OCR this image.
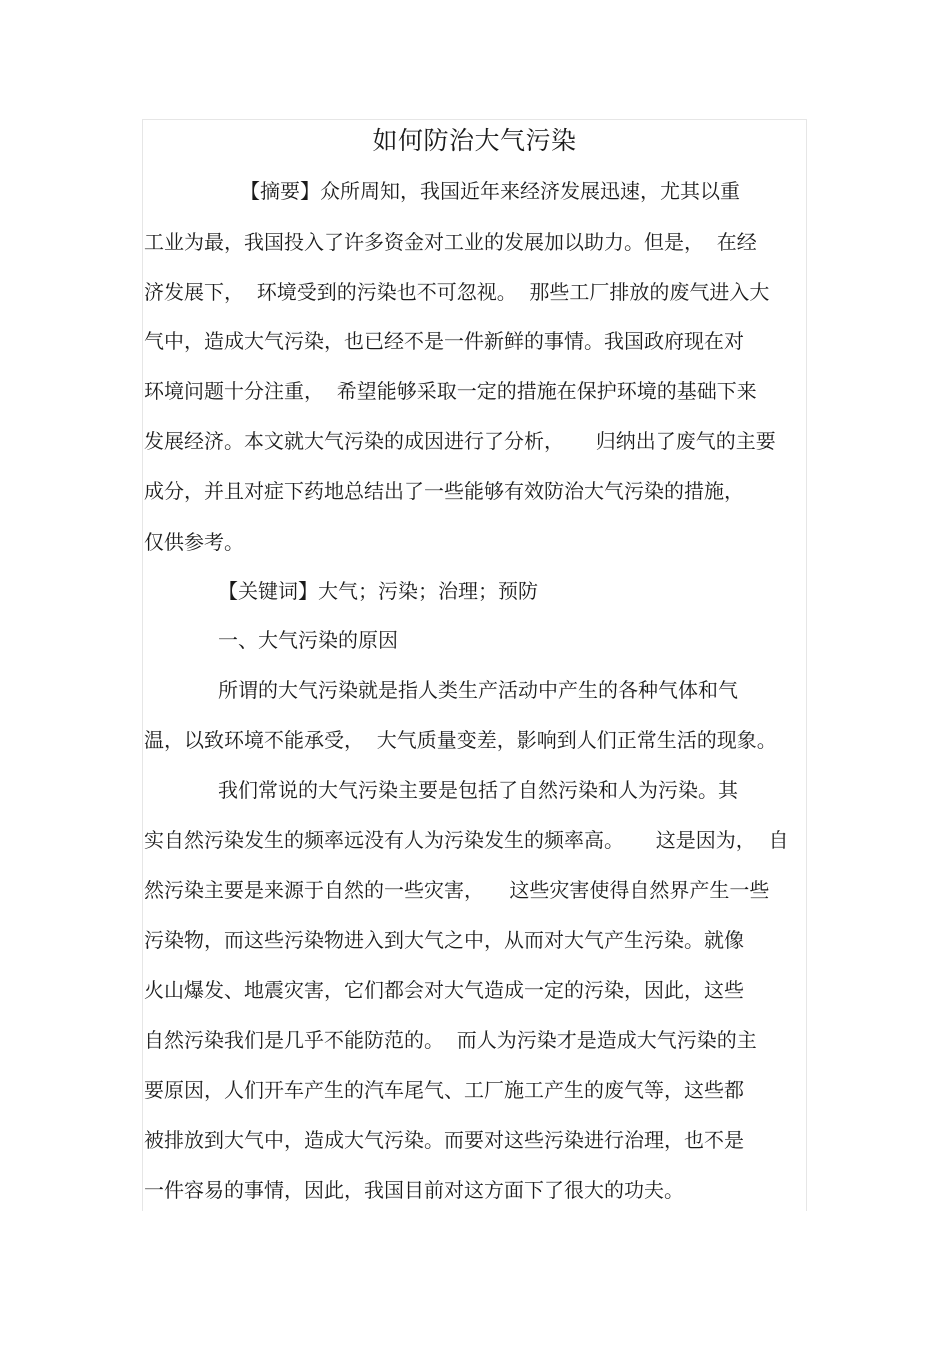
如何防治大气污染

【摘要】众所周知，我国近年来经济发展迅速，尤其以重

工业为最，我国投入了许多资金对工业的发展加以助力。但是，  在经

济发展下，  环境受到的污染也不可忽视。  那些工厂排放的废气进入大

气中，造成大气污染，也已经不是一件新鲜的事情。我国政府现在对

环境问题十分注重，  希望能够采取一定的措施在保护环境的基础下来

发展经济。本文就大气污染的成因进行了分析，     归纳出了废气的主要

成分，并且对症下药地总结出了一些能够有效防治大气污染的措施，

仅供参考。

【关键词】大气；污染；治理；预防

一、大气污染的原因

所谓的大气污染就是指人类生产活动中产生的各种气体和气

温，以致环境不能承受，  大气质量变差，影响到人们正常生活的现象。

我们常说的大气污染主要是包括了自然污染和人为污染。其

实自然污染发生的频率远没有人为污染发生的频率高。     这是因为，  自

然污染主要是来源于自然的一些灾害，    这些灾害使得自然界产生一些

污染物，而这些污染物进入到大气之中，从而对大气产生污染。就像

火山爆发、地震灾害，它们都会对大气造成一定的污染，因此，这些

自然污染我们是几乎不能防范的。  而人为污染才是造成大气污染的主

要原因，人们开车产生的汽车尾气、工厂施工产生的废气等，这些都

被排放到大气中，造成大气污染。而要对这些污染进行治理，也不是

一件容易的事情，因此，我国目前对这方面下了很大的功夫。
